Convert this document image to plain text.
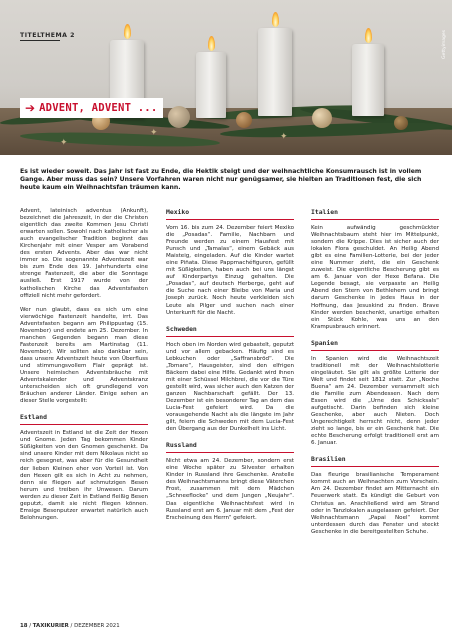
✦	✦
✦
TITELTHEMA 2	Gettyimages
➔ ADVENT, ADVENT ...
Es ist wieder soweit. Das Jahr ist fast zu Ende, die Hektik steigt und der weihnachtliche Konsumrausch ist in vollem Gange. Aber muss das sein? Unsere Vorfahren waren nicht nur genügsamer, sie hielten an Traditionen fest, die sich heute kaum ein Weihnachtsfan träumen kann.

Advent, lateinisch adventus (Ankunft), bezeichnet die Jahreszeit, in der die Christen eigentlich das zweite Kommen Jesu Christi erwarten sollen. Sowohl nach katholischer als auch evangelischer Tradition beginnt das Kirchenjahr mit einer Vesper am Vorabend des ersten Advents. Aber das war nicht immer so. Die sogenannte Adventszeit war bis zum Ende des 19. Jahrhunderts eine strenge Fastenzeit, die aber die Sonntage ausließ. Erst 1917 wurde von der katholischen Kirche das Adventsfasten offiziell nicht mehr gefordert.

Wer nun glaubt, dass es sich um eine vierwöchige Fastenzeit handelte, irrt. Das Adventsfasten begann am Philippustag (15. November) und endete am 25. Dezember. In manchen Gegenden begann man diese Fastenzeit bereits am Martinstag (11. November). Wir sollten also dankbar sein, dass unsere Adventszeit heute von Überfluss und stimmungsvollem Flair geprägt ist. Unsere heimischen Adventsbräuche mit Adventskalender und Adventskranz unterscheiden sich oft grundlegend von Bräuchen anderer Länder. Einige sehen an dieser Stelle vorgestellt:

Estland

Adventszeit in Estland ist die Zeit der Hexen und Gnome. Jeden Tag bekommen Kinder Süßigkeiten von den Gnomen geschenkt. Da sind unsere Kinder mit dem Nikolaus nicht so reich gesegnet, was aber für die Gesundheit der lieben Kleinen eher von Vorteil ist. Von den Hexen gilt es sich in Acht zu nehmen, denn sie fliegen auf schmutzigen Besen herum und treiben ihr Unwesen. Darum werden zu dieser Zeit in Estland fleißig Besen geputzt, damit sie nicht fliegen können. Emsige Besenputzer erwartet natürlich auch Belohnungen.

Mexiko

Vom 16. bis zum 24. Dezember feiert Mexiko die „Posadas“. Familie, Nachbarn und Freunde werden zu einem Hausfest mit Punsch und „Tamalas“, einem Gebäck aus Maisteig, eingeladen. Auf die Kinder wartet eine Piñata. Diese Pappmachéfiguren, gefüllt mit Süßigkeiten, haben auch bei uns längst auf Kinderpartys Einzug gehalten. Die „Posadas“, auf deutsch Herberge, geht auf die Suche nach einer Bleibe von Maria und Joseph zurück. Noch heute verkleiden sich Leute als Pilger und suchen nach einer Unterkunft für die Nacht.

Schweden

Hoch oben im Norden wird gebastelt, geputzt und vor allem gebacken. Häufig sind es Lebkuchen oder „Saffransbröd“. Die „Tomare“, Hausgeister, sind den elfrigen Bäckern dabei eine Hilfe. Gedankt wird ihnen mit einer Schüssel Milchbrei, die vor die Türe gestellt wird, was sicher auch den Katzen der ganzen Nachbarschaft gefällt. Der 13. Dezember ist ein besonderer Tag an dem das Lucia-Fest gefeiert wird. Da die vorausgehende Nacht als die längste im Jahr gilt, feiern die Schweden mit dem Lucia-Fest den Übergang aus der Dunkelheit ins Licht.

Russland

Nicht etwa am 24. Dezember, sondern erst eine Woche später zu Silvester erhalten Kinder in Russland ihre Geschenke. Anstelle des Weihnachtsmanns bringt diese Väterchen Frost, zusammen mit dem Mädchen „Schneeflocke“ und dem Jungen „Neujahr“. Das eigentliche Weihnachtsfest wird in Russland erst am 6. Januar mit dem „Fest der Erscheinung des Herrn“ gefeiert.

Italien

Kein aufwändig geschmückter Weihnachtsbaum steht hier im Mittelpunkt, sondern die Krippe. Dies ist sicher auch der lokalen Flora geschuldet. An Heilig Abend gibt es eine Familien-Lotterie, bei der jeder eine Nummer zieht, die ein Geschenk zuweist. Die eigentliche Bescherung gibt es am 6. Januar von der Hexe Befana. Die Legende besagt, sie verpasste an Heilig Abend den Stern von Bethlehem und bringt darum Geschenke in jedes Haus in der Hoffnung, das Jesuskind zu finden. Brave Kinder werden beschenkt, unartige erhalten ein Stück Kohle, was uns an den Krampusbrauch erinnert.

Spanien

In Spanien wird die Weihnachtszeit traditionell mit der Weihnachtslotterie eingeläutet. Sie gilt als größte Lotterie der Welt und findet seit 1812 statt. Zur „Noche Buena“ am 24. Dezember versammelt sich die Familie zum Abendessen. Nach dem Essen wird die „Urne des Schicksals“ aufgetischt. Darin befinden sich kleine Geschenke, aber auch Nieten. Doch Ungerechtigkeit herrscht nicht, denn jeder zieht so lange, bis er ein Geschenk hat. Die echte Bescherung erfolgt traditionell erst am 6. Januar.

Brasilien

Das fleurige brasilianische Temperament kommt auch an Weihnachten zum Vorschein. Am 24. Dezember findet am Mitternacht ein Feuerwerk statt. Es kündigt die Geburt von Christus an. Anschließend wird am Strand oder in Tanzlokalen ausgelassen gefeiert. Der Weihnachtsmann „Papai Noel“ kommt unterdessen durch das Fenster und steckt Geschenke in die bereitgestellten Schuhe.

18 / TAXIKURIER / DEZEMBER 2021
